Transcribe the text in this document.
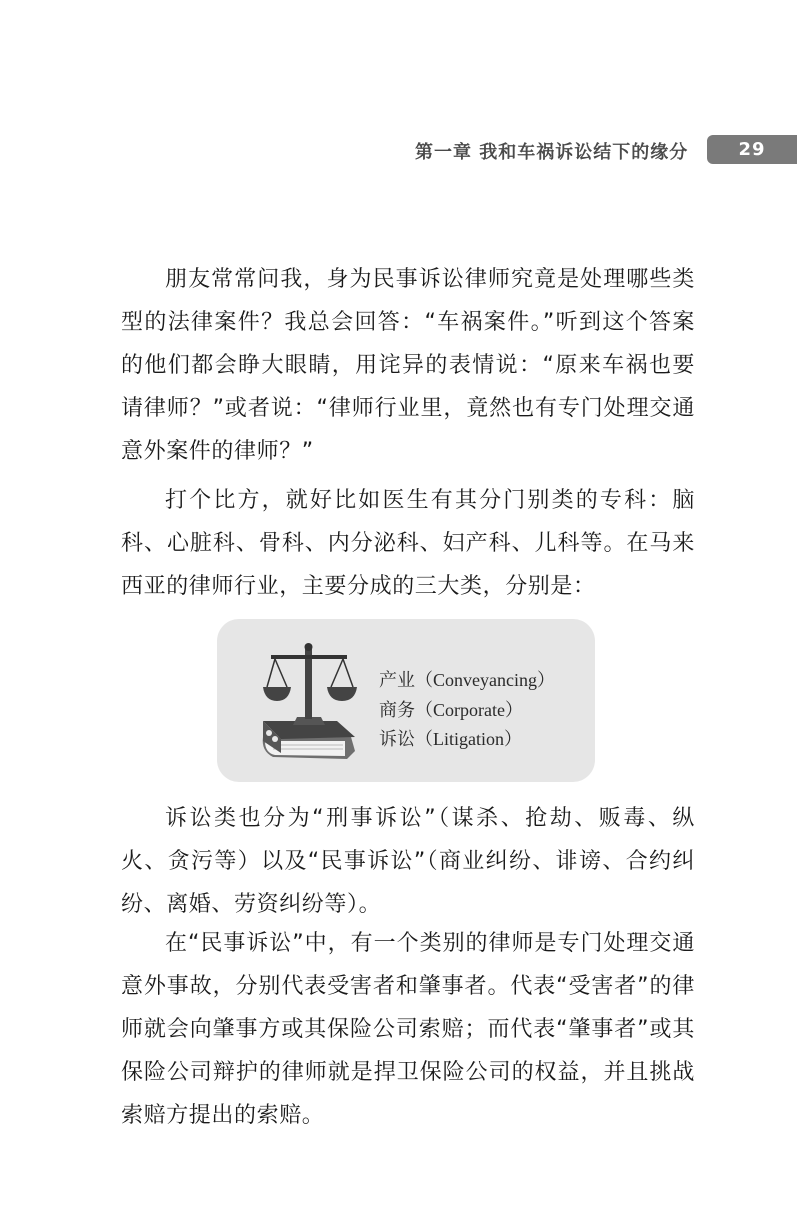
第一章 我和车祸诉讼结下的缘分	29

朋友常常问我，身为民事诉讼律师究竟是处理哪些类型的法律案件？我总会回答：“车祸案件。”听到这个答案的他们都会睁大眼睛，用诧异的表情说：“原来车祸也要请律师？”或者说：“律师行业里，竟然也有专门处理交通意外案件的律师？”

打个比方，就好比如医生有其分门别类的专科：脑科、心脏科、骨科、内分泌科、妇产科、儿科等。在马来西亚的律师行业，主要分成的三大类，分别是：

产业（Conveyancing）
商务（Corporate）
诉讼（Litigation）

诉讼类也分为“刑事诉讼”（谋杀、抢劫、贩毒、纵火、贪污等）以及“民事诉讼”（商业纠纷、诽谤、合约纠纷、离婚、劳资纠纷等）。

在“民事诉讼”中，有一个类别的律师是专门处理交通意外事故，分别代表受害者和肇事者。代表“受害者”的律师就会向肇事方或其保险公司索赔；而代表“肇事者”或其保险公司辩护的律师就是捍卫保险公司的权益，并且挑战索赔方提出的索赔。
